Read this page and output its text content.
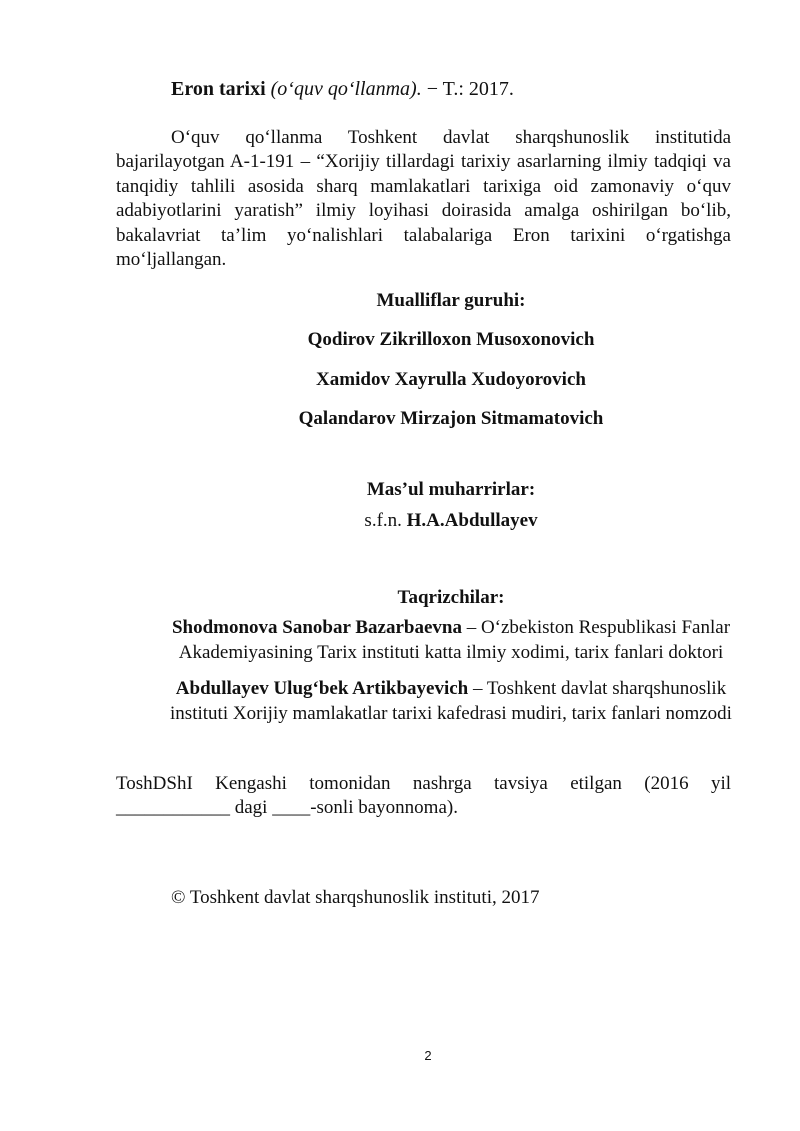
Eron tarixi (o‘quv qo‘llanma). − T.: 2017.
O‘quv qo‘llanma Toshkent davlat sharqshunoslik institutida bajarilayotgan A-1-191 – “Xorijiy tillardagi tarixiy asarlarning ilmiy tadqiqi va tanqidiy tahlili asosida sharq mamlakatlari tarixiga oid zamonaviy o‘quv adabiyotlarini yaratish” ilmiy loyihasi doirasida amalga oshirilgan bo‘lib, bakalavriat ta’lim yo‘nalishlari talabalariga Eron tarixini o‘rgatishga mo‘ljallangan.
Mualliflar guruhi:
Qodirov Zikrilloxon Musoxonovich
Xamidov Xayrulla Xudoyorovich
Qalandarov Mirzajon Sitmamatovich
Mas’ul muharrirlar:
s.f.n. H.A.Abdullayev
Taqrizchilar:
Shodmonova Sanobar Bazarbaevna – O‘zbekiston Respublikasi Fanlar
Akademiyasining Tarix instituti katta ilmiy xodimi, tarix fanlari doktori
Abdullayev Ulug‘bek Artikbayevich – Toshkent davlat sharqshunoslik
instituti Xorijiy mamlakatlar tarixi kafedrasi mudiri, tarix fanlari nomzodi
ToshDShI Kengashi tomonidan nashrga tavsiya etilgan (2016 yil
____________ dagi ____-sonli bayonnoma).
© Toshkent davlat sharqshunoslik instituti, 2017
2
